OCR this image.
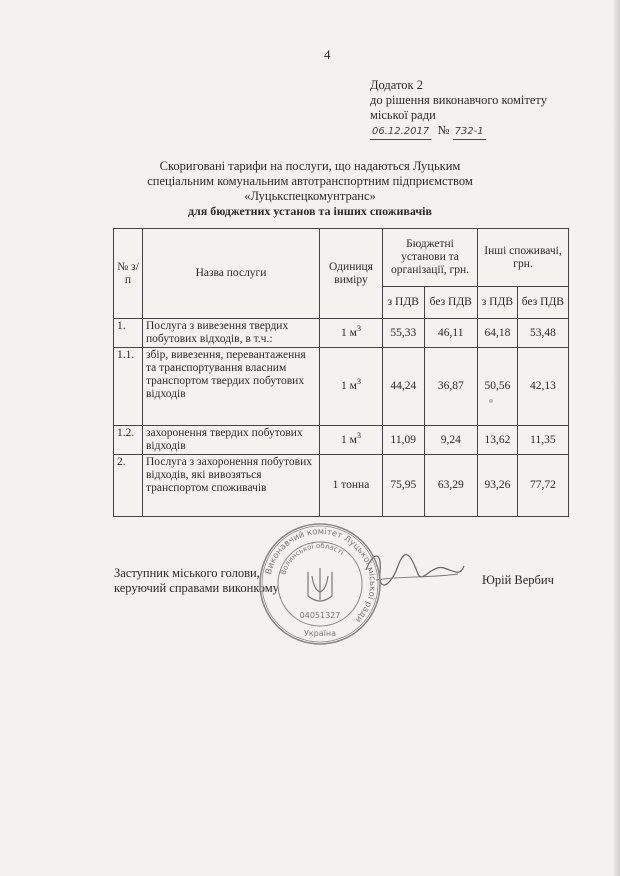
4
Додаток 2
до рішення виконавчого комітету
міської ради
06.12.2017 № 732-1
Скориговані тарифи на послуги, що надаються Луцьким
спеціальним комунальним автотранспортним підприємством
«Луцькспецкомунтранс»
для бюджетних установ та інших споживачів
№ з/п	Назва послуги	Одиниця виміру	Бюджетні установи та організації, грн.		Інші споживачі, грн.	
			з ПДВ	без ПДВ	з ПДВ	без ПДВ
1.	Послуга з вивезення твердих побутових відходів, в т.ч.:	1 $м^3$	55,33	46,11	64,18	53,48
1.1.	збір, вивезення, перевантаження та транспортування власним транспортом твердих побутових відходів	1 $м^3$	44,24	36,87	50,56	42,13
1.2.	захоронення твердих побутових відходів	1 $м^3$	11,09	9,24	13,62	11,35
2.	Послуга з захоронення побутових відходів, які вивозяться транспортом споживачів	1 тонна	75,95	63,29	93,26	77,72
Заступник міського голови,
керуючий справами виконкому
Юрій Вербич
Виконавчий комітет Луцької міської ради
Волинської області
04051327
Україна
